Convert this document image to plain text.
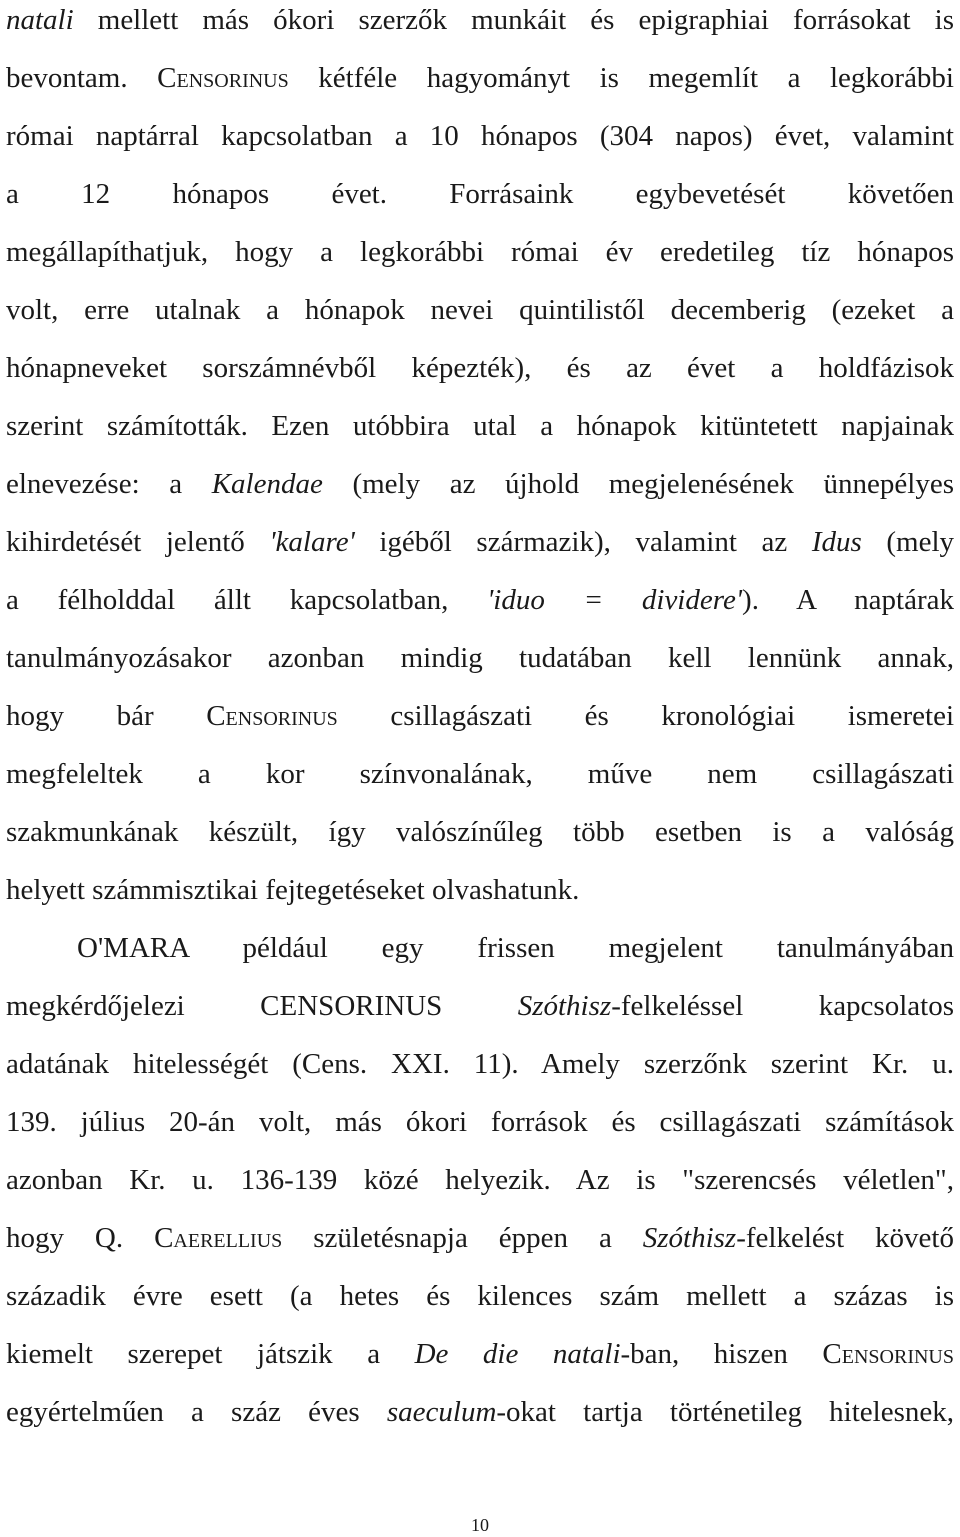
natali mellett más ókori szerzők munkáit és epigraphiai forrásokat is
bevontam. Censorinus kétféle hagyományt is megemlít a legkorábbi
római naptárral kapcsolatban a 10 hónapos (304 napos) évet, valamint
a 12 hónapos évet. Forrásaink egybevetését követően
megállapíthatjuk, hogy a legkorábbi római év eredetileg tíz hónapos
volt, erre utalnak a hónapok nevei quintilistől decemberig (ezeket a
hónapneveket sorszámnévből képezték), és az évet a holdfázisok
szerint számították. Ezen utóbbira utal a hónapok kitüntetett napjainak
elnevezése: a Kalendae (mely az újhold megjelenésének ünnepélyes
kihirdetését jelentő 'kalare' igéből származik), valamint az Idus (mely
a félholddal állt kapcsolatban, 'iduo = dividere'). A naptárak
tanulmányozásakor azonban mindig tudatában kell lennünk annak,
hogy bár Censorinus csillagászati és kronológiai ismeretei
megfeleltek a kor színvonalának, műve nem csillagászati
szakmunkának készült, így valószínűleg több esetben is a valóság
helyett számmisztikai fejtegetéseket olvashatunk.
O'MARA például egy frissen megjelent tanulmányában
megkérdőjelezi CENSORINUS Szóthisz-felkeléssel kapcsolatos
adatának hitelességét (Cens. XXI. 11). Amely szerzőnk szerint Kr. u.
139. július 20-án volt, más ókori források és csillagászati számítások
azonban Kr. u. 136-139 közé helyezik. Az is "szerencsés véletlen",
hogy Q. Caerellius születésnapja éppen a Szóthisz-felkelést követő
századik évre esett (a hetes és kilences szám mellett a százas is
kiemelt szerepet játszik a De die natali-ban, hiszen Censorinus
egyértelműen a száz éves saeculum-okat tartja történetileg hitelesnek,
10
